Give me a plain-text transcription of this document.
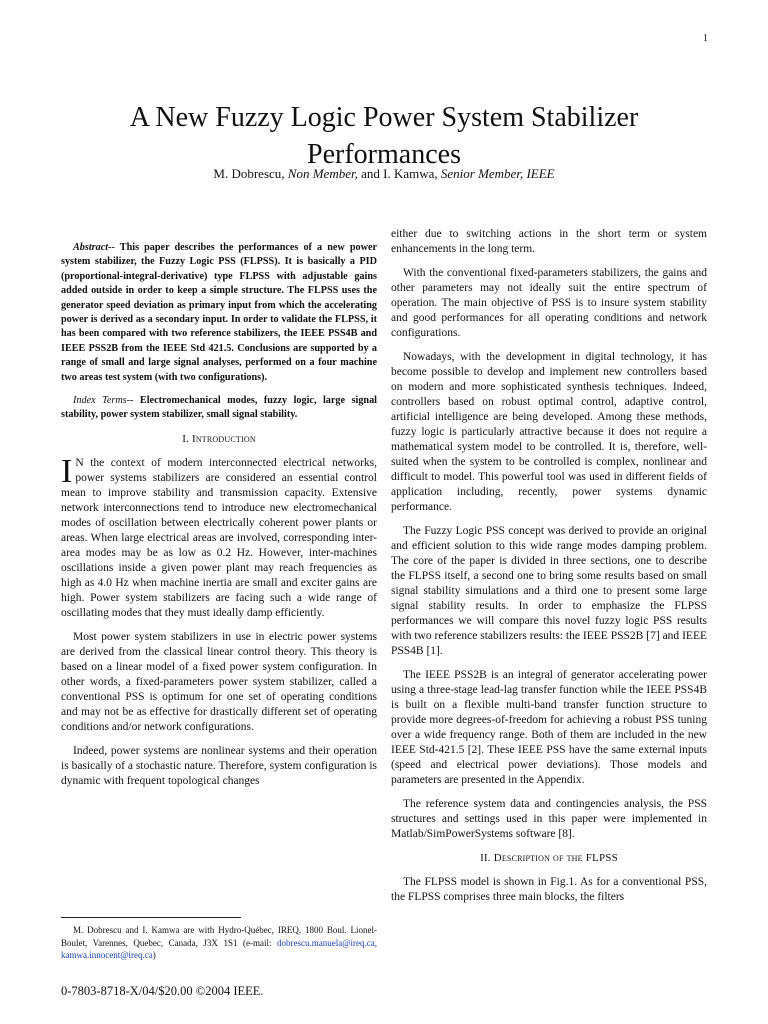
1
A New Fuzzy Logic Power System Stabilizer Performances
M. Dobrescu, Non Member, and I. Kamwa, Senior Member, IEEE

Abstract-- This paper describes the performances of a new power system stabilizer, the Fuzzy Logic PSS (FLPSS). It is basically a PID (proportional-integral-derivative) type FLPSS with adjustable gains added outside in order to keep a simple structure. The FLPSS uses the generator speed deviation as primary input from which the accelerating power is derived as a secondary input. In order to validate the FLPSS, it has been compared with two reference stabilizers, the IEEE PSS4B and IEEE PSS2B from the IEEE Std 421.5. Conclusions are supported by a range of small and large signal analyses, performed on a four machine two areas test system (with two configurations).

Index Terms-- Electromechanical modes, fuzzy logic, large signal stability, power system stabilizer, small signal stability.

I. Introduction

I N the context of modern interconnected electrical networks, power systems stabilizers are considered an essential control mean to improve stability and transmission capacity. Extensive network interconnections tend to introduce new electromechanical modes of oscillation between electrically coherent power plants or areas. When large electrical areas are involved, corresponding inter-area modes may be as low as 0.2 Hz. However, inter-machines oscillations inside a given power plant may reach frequencies as high as 4.0 Hz when machine inertia are small and exciter gains are high. Power system stabilizers are facing such a wide range of oscillating modes that they must ideally damp efficiently.

Most power system stabilizers in use in electric power systems are derived from the classical linear control theory. This theory is based on a linear model of a fixed power system configuration. In other words, a fixed-parameters power system stabilizer, called a conventional PSS is optimum for one set of operating conditions and may not be as effective for drastically different set of operating conditions and/or network configurations.

Indeed, power systems are nonlinear systems and their operation is basically of a stochastic nature. Therefore, system configuration is dynamic with frequent topological changes

either due to switching actions in the short term or system enhancements in the long term.

With the conventional fixed-parameters stabilizers, the gains and other parameters may not ideally suit the entire spectrum of operation. The main objective of PSS is to insure system stability and good performances for all operating conditions and network configurations.

Nowadays, with the development in digital technology, it has become possible to develop and implement new controllers based on modern and more sophisticated synthesis techniques. Indeed, controllers based on robust optimal control, adaptive control, artificial intelligence are being developed. Among these methods, fuzzy logic is particularly attractive because it does not require a mathematical system model to be controlled. It is, therefore, well-suited when the system to be controlled is complex, nonlinear and difficult to model. This powerful tool was used in different fields of application including, recently, power systems dynamic performance.

The Fuzzy Logic PSS concept was derived to provide an original and efficient solution to this wide range modes damping problem. The core of the paper is divided in three sections, one to describe the FLPSS itself, a second one to bring some results based on small signal stability simulations and a third one to present some large signal stability results. In order to emphasize the FLPSS performances we will compare this novel fuzzy logic PSS results with two reference stabilizers results: the IEEE PSS2B [7] and IEEE PSS4B [1].

The IEEE PSS2B is an integral of generator accelerating power using a three-stage lead-lag transfer function while the IEEE PSS4B is built on a flexible multi-band transfer function structure to provide more degrees-of-freedom for achieving a robust PSS tuning over a wide frequency range. Both of them are included in the new IEEE Std-421.5 [2]. These IEEE PSS have the same external inputs (speed and electrical power deviations). Those models and parameters are presented in the Appendix.

The reference system data and contingencies analysis, the PSS structures and settings used in this paper were implemented in Matlab/SimPowerSystems software [8].

II. Description of the FLPSS

The FLPSS model is shown in Fig.1. As for a conventional PSS, the FLPSS comprises three main blocks, the filters

M. Dobrescu and I. Kamwa are with Hydro-Québec, IREQ, 1800 Boul. Lionel-Boulet, Varennes, Quebec, Canada, J3X 1S1 (e-mail: dobrescu.manuela@ireq.ca, kamwa.innocent@ireq.ca)
0-7803-8718-X/04/$20.00 ©2004 IEEE.
